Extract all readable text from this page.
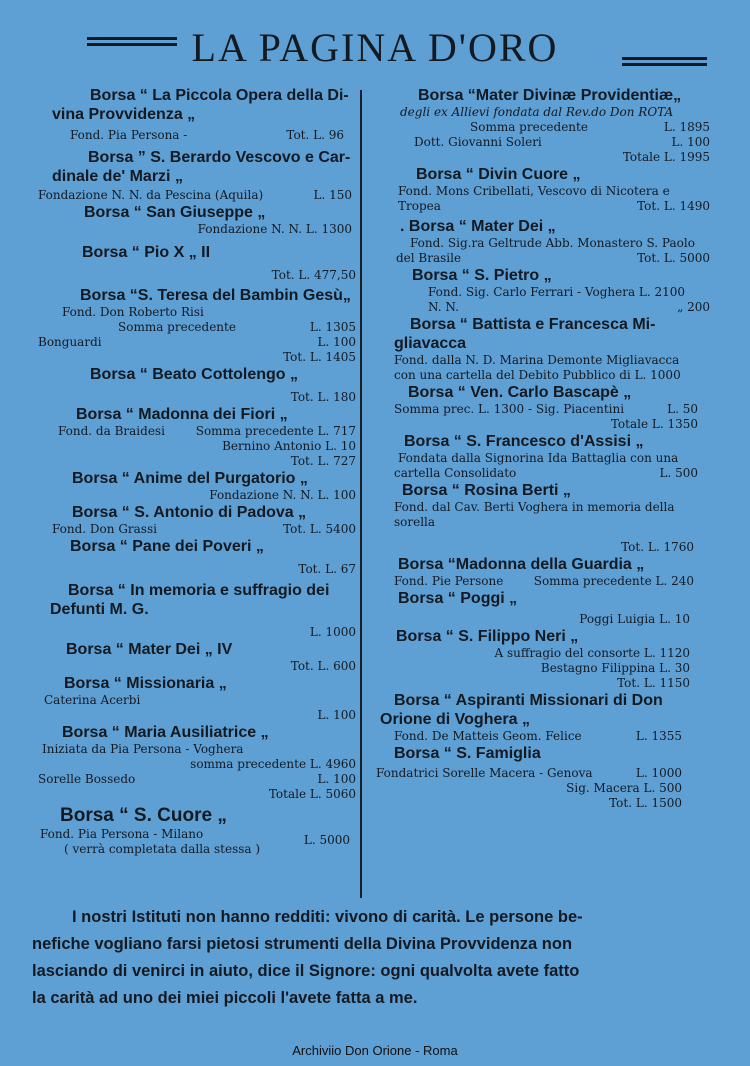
LA PAGINA D'ORO
Borsa “ La Piccola Opera della Di-
vina Provvidenza „
Fond. Pia Persona -	Tot. L. 96
Borsa ” S. Berardo Vescovo e Car-
dinale de' Marzi „
Fondazione N. N. da Pescina (Aquila)	L. 150
Borsa “ San Giuseppe „
Fondazione N. N. L. 1300
Borsa “ Pio X „ II
Tot. L. 477,50
Borsa “S. Teresa del Bambin Gesù„
Fond. Don Roberto Risi
Somma precedente	L. 1305
Bonguardi	L. 100
Tot. L. 1405
Borsa “ Beato Cottolengo „
Tot. L. 180
Borsa “ Madonna dei Fiori „
Fond. da Braidesi	Somma precedente L. 717
Bernino Antonio L. 10
Tot. L. 727
Borsa “ Anime del Purgatorio „
Fondazione N. N. L. 100
Borsa “ S. Antonio di Padova „
Fond. Don Grassi	Tot. L. 5400
Borsa “ Pane dei Poveri „
Tot. L. 67
Borsa “ In memoria e suffragio dei
Defunti M. G.
L. 1000
Borsa “ Mater Dei „ IV
Tot. L. 600
Borsa “ Missionaria „
Caterina Acerbi
L. 100
Borsa “ Maria Ausiliatrice „
Iniziata da Pia Persona - Voghera
somma precedente L. 4960
Sorelle Bossedo	L. 100
Totale L. 5060
Borsa “ S. Cuore „
Fond. Pia Persona - Milano	L. 5000
( verrà completata dalla stessa )
Borsa “Mater Divinæ Providentiæ„
degli ex Allievi fondata dal Rev.do Don ROTA
Somma precedente	L. 1895
Dott. Giovanni Soleri	L. 100
Totale L. 1995
Borsa “ Divin Cuore „
Fond. Mons Cribellati, Vescovo di Nicotera e
Tropea	Tot. L. 1490
. Borsa “ Mater Dei „
Fond. Sig.ra Geltrude Abb. Monastero S. Paolo
del Brasile	Tot. L. 5000
Borsa “ S. Pietro „
Fond. Sig. Carlo Ferrari - Voghera L. 2100
N. N.	„ 200
Borsa “ Battista e Francesca Mi-
gliavacca
Fond. dalla N. D. Marina Demonte Migliavacca
con una cartella del Debito Pubblico di L. 1000
Borsa “ Ven. Carlo Bascapè „
Somma prec. L. 1300 - Sig. Piacentini	L. 50
Totale L. 1350
Borsa “ S. Francesco d'Assisi „
Fondata dalla Signorina Ida Battaglia con una
cartella Consolidato	L. 500
Borsa “ Rosina Berti „
Fond. dal Cav. Berti Voghera in memoria della
sorella
Tot. L. 1760
Borsa “Madonna della Guardia „
Fond. Pie Persone	Somma precedente L. 240
Borsa “ Poggi „
Poggi Luigia L. 10
Borsa “ S. Filippo Neri „
A suffragio del consorte L. 1120
Bestagno Filippina L. 30
Tot. L. 1150
Borsa “ Aspiranti Missionari di Don
Orione di Voghera „
Fond. De Matteis Geom. Felice	L. 1355
Borsa “ S. Famiglia
Fondatrici Sorelle Macera - Genova	L. 1000
Sig. Macera L. 500
Tot. L. 1500
I nostri Istituti non hanno redditi: vivono di carità. Le persone be-
nefiche vogliano farsi pietosi strumenti della Divina Provvidenza non
lasciando di venirci in aiuto, dice il Signore: ogni qualvolta avete fatto
la carità ad uno dei miei piccoli l'avete fatta a me.
Archiviio Don Orione - Roma
